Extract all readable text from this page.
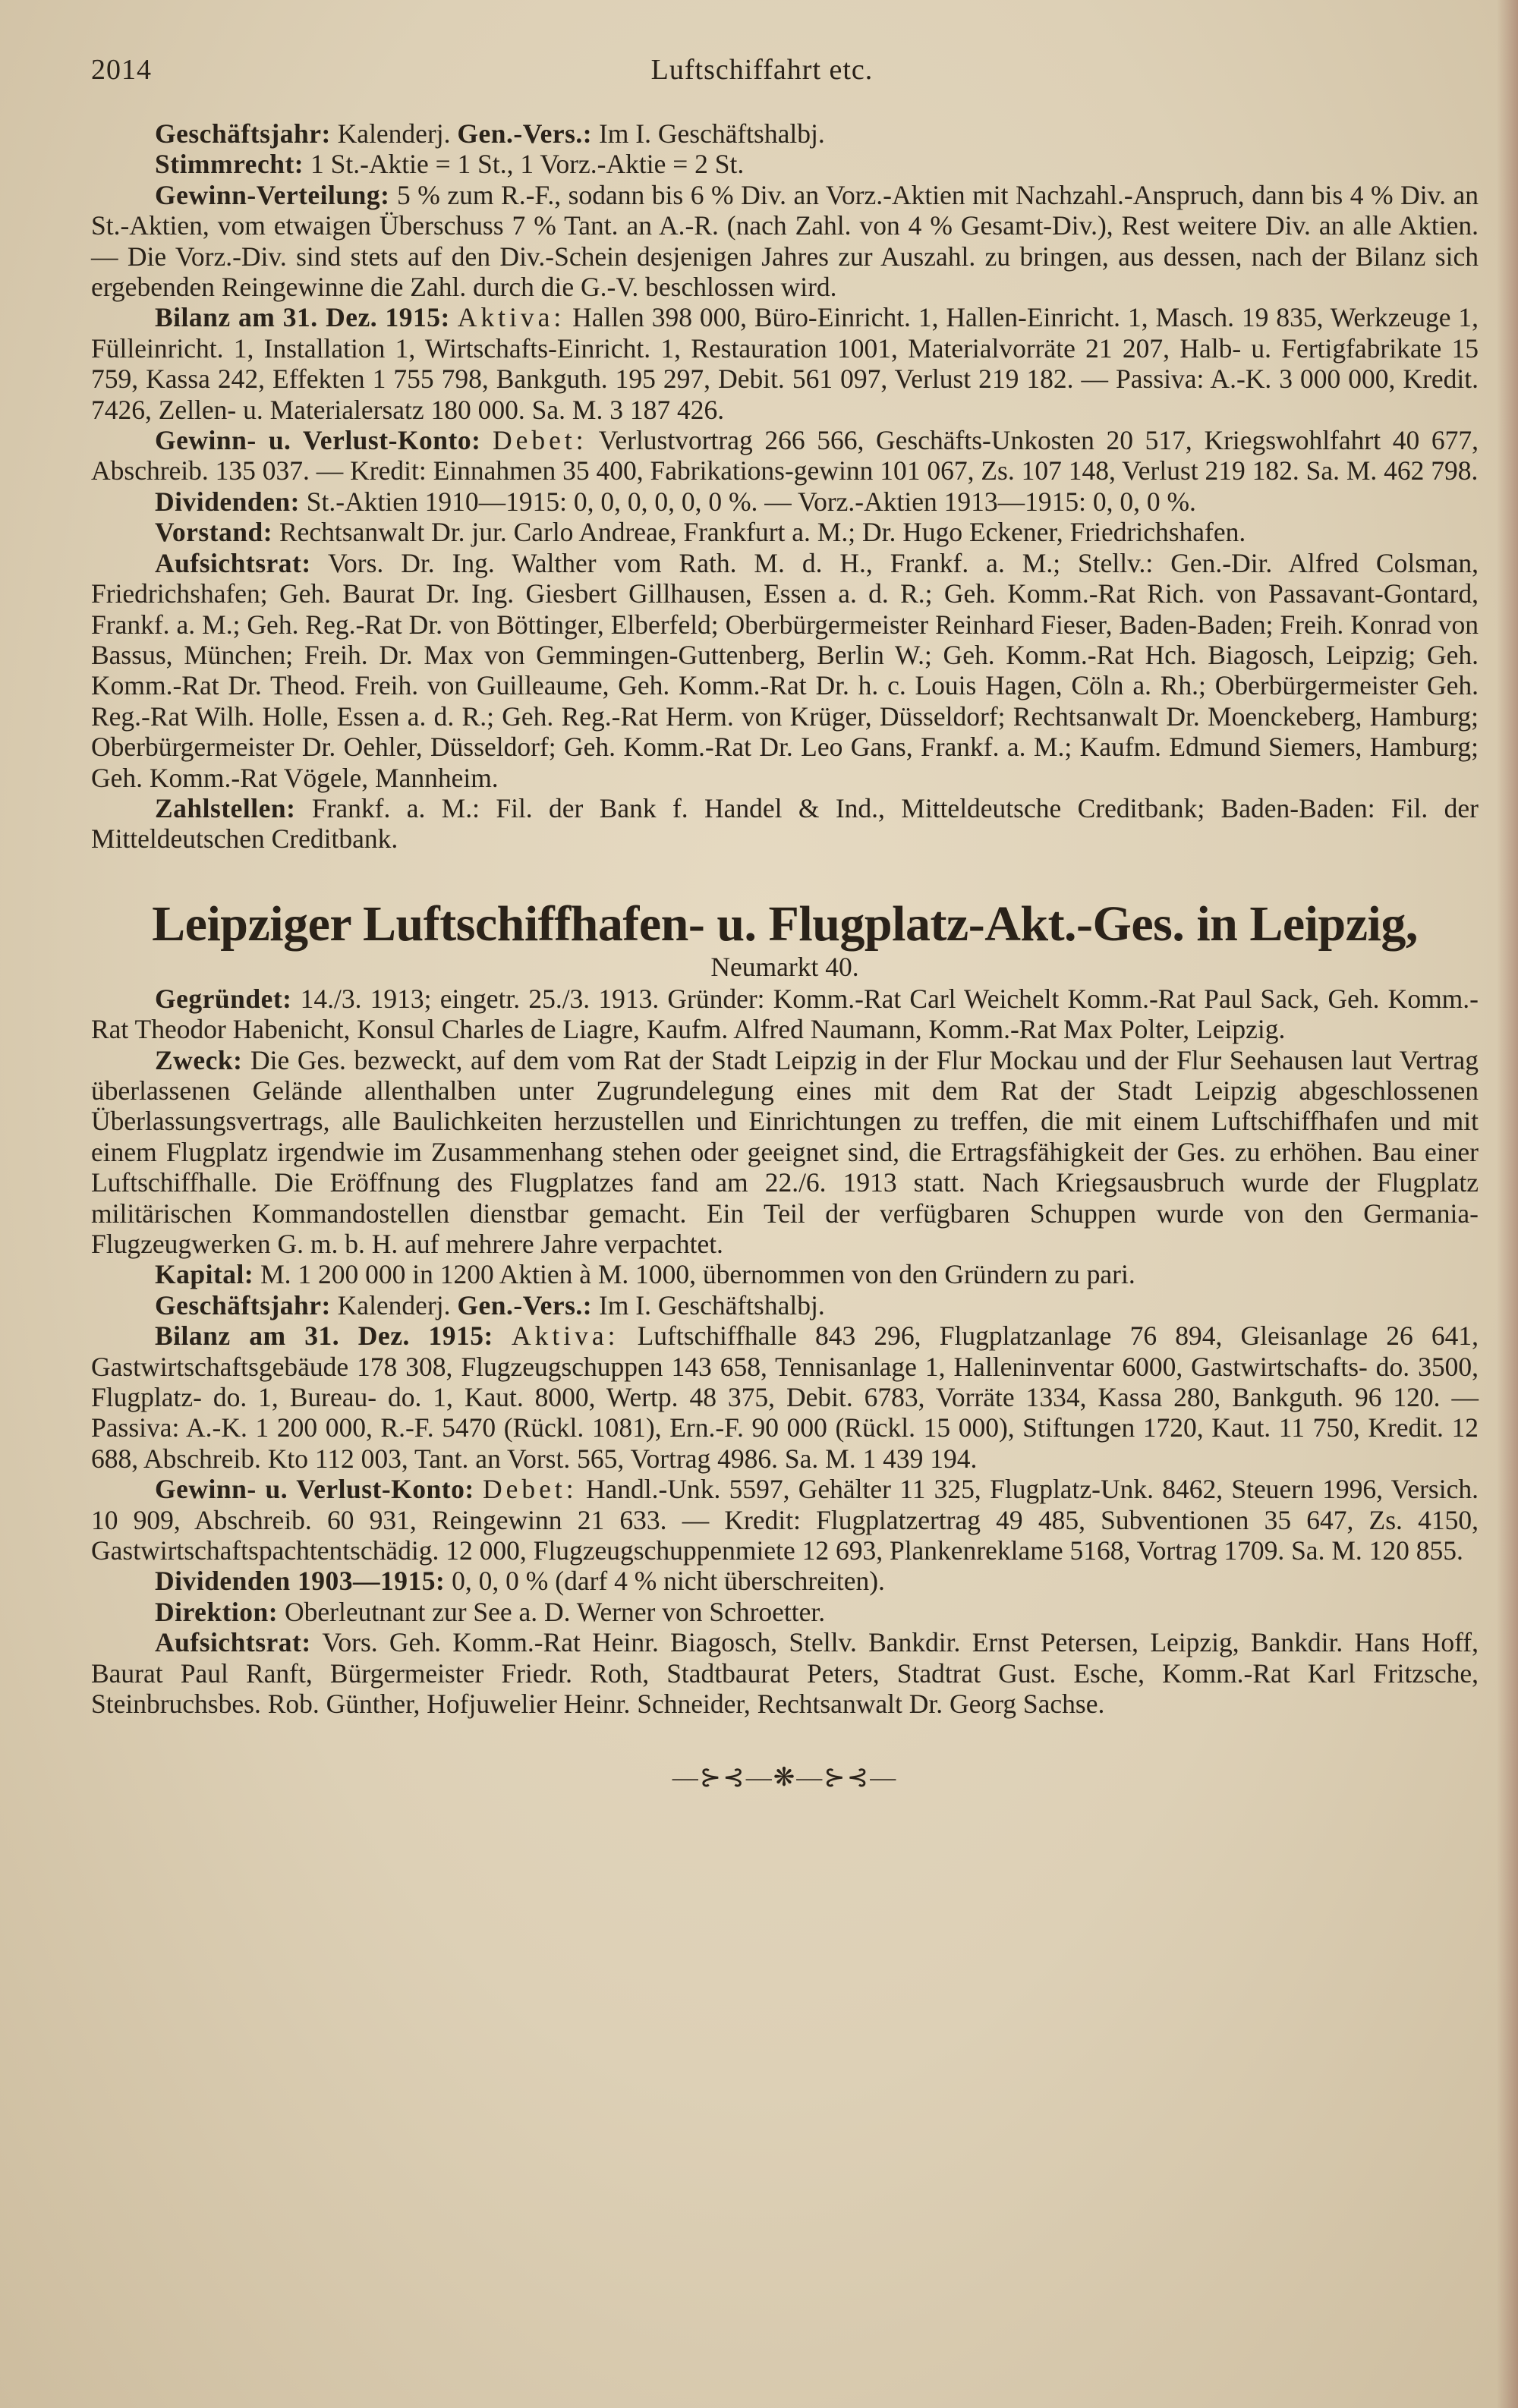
2014	Luftschiffahrt etc.

Geschäftsjahr: Kalenderj. Gen.-Vers.: Im I. Geschäftshalbj.

Stimmrecht: 1 St.-Aktie = 1 St., 1 Vorz.-Aktie = 2 St.

Gewinn-Verteilung: 5 % zum R.-F., sodann bis 6 % Div. an Vorz.-Aktien mit Nachzahl.-Anspruch, dann bis 4 % Div. an St.-Aktien, vom etwaigen Überschuss 7 % Tant. an A.-R. (nach Zahl. von 4 % Gesamt-Div.), Rest weitere Div. an alle Aktien. — Die Vorz.-Div. sind stets auf den Div.-Schein desjenigen Jahres zur Auszahl. zu bringen, aus dessen, nach der Bilanz sich ergebenden Reingewinne die Zahl. durch die G.-V. beschlossen wird.

Bilanz am 31. Dez. 1915: Aktiva: Hallen 398 000, Büro-Einricht. 1, Hallen-Einricht. 1, Masch. 19 835, Werkzeuge 1, Fülleinricht. 1, Installation 1, Wirtschafts-Einricht. 1, Restauration 1001, Materialvorräte 21 207, Halb- u. Fertigfabrikate 15 759, Kassa 242, Effekten 1 755 798, Bankguth. 195 297, Debit. 561 097, Verlust 219 182. — Passiva: A.-K. 3 000 000, Kredit. 7426, Zellen- u. Materialersatz 180 000. Sa. M. 3 187 426.

Gewinn- u. Verlust-Konto: Debet: Verlustvortrag 266 566, Geschäfts-Unkosten 20 517, Kriegswohlfahrt 40 677, Abschreib. 135 037. — Kredit: Einnahmen 35 400, Fabrikations-gewinn 101 067, Zs. 107 148, Verlust 219 182. Sa. M. 462 798.

Dividenden: St.-Aktien 1910—1915: 0, 0, 0, 0, 0, 0 %. — Vorz.-Aktien 1913—1915: 0, 0, 0 %.

Vorstand: Rechtsanwalt Dr. jur. Carlo Andreae, Frankfurt a. M.; Dr. Hugo Eckener, Friedrichshafen.

Aufsichtsrat: Vors. Dr. Ing. Walther vom Rath. M. d. H., Frankf. a. M.; Stellv.: Gen.-Dir. Alfred Colsman, Friedrichshafen; Geh. Baurat Dr. Ing. Giesbert Gillhausen, Essen a. d. R.; Geh. Komm.-Rat Rich. von Passavant-Gontard, Frankf. a. M.; Geh. Reg.-Rat Dr. von Böttinger, Elberfeld; Oberbürgermeister Reinhard Fieser, Baden-Baden; Freih. Konrad von Bassus, München; Freih. Dr. Max von Gemmingen-Guttenberg, Berlin W.; Geh. Komm.-Rat Hch. Biagosch, Leipzig; Geh. Komm.-Rat Dr. Theod. Freih. von Guilleaume, Geh. Komm.-Rat Dr. h. c. Louis Hagen, Cöln a. Rh.; Oberbürgermeister Geh. Reg.-Rat Wilh. Holle, Essen a. d. R.; Geh. Reg.-Rat Herm. von Krüger, Düsseldorf; Rechtsanwalt Dr. Moenckeberg, Hamburg; Oberbürgermeister Dr. Oehler, Düsseldorf; Geh. Komm.-Rat Dr. Leo Gans, Frankf. a. M.; Kaufm. Edmund Siemers, Hamburg; Geh. Komm.-Rat Vögele, Mannheim.

Zahlstellen: Frankf. a. M.: Fil. der Bank f. Handel & Ind., Mitteldeutsche Creditbank; Baden-Baden: Fil. der Mitteldeutschen Creditbank.

Leipziger Luftschiffhafen- u. Flugplatz-Akt.-Ges. in Leipzig,
Neumarkt 40.

Gegründet: 14./3. 1913; eingetr. 25./3. 1913. Gründer: Komm.-Rat Carl Weichelt Komm.-Rat Paul Sack, Geh. Komm.-Rat Theodor Habenicht, Konsul Charles de Liagre, Kaufm. Alfred Naumann, Komm.-Rat Max Polter, Leipzig.

Zweck: Die Ges. bezweckt, auf dem vom Rat der Stadt Leipzig in der Flur Mockau und der Flur Seehausen laut Vertrag überlassenen Gelände allenthalben unter Zugrundelegung eines mit dem Rat der Stadt Leipzig abgeschlossenen Überlassungsvertrags, alle Baulichkeiten herzustellen und Einrichtungen zu treffen, die mit einem Luftschiffhafen und mit einem Flugplatz irgendwie im Zusammenhang stehen oder geeignet sind, die Ertragsfähigkeit der Ges. zu erhöhen. Bau einer Luftschiffhalle. Die Eröffnung des Flugplatzes fand am 22./6. 1913 statt. Nach Kriegsausbruch wurde der Flugplatz militärischen Kommandostellen dienstbar gemacht. Ein Teil der verfügbaren Schuppen wurde von den Germania-Flugzeugwerken G. m. b. H. auf mehrere Jahre verpachtet.

Kapital: M. 1 200 000 in 1200 Aktien à M. 1000, übernommen von den Gründern zu pari.

Geschäftsjahr: Kalenderj. Gen.-Vers.: Im I. Geschäftshalbj.

Bilanz am 31. Dez. 1915: Aktiva: Luftschiffhalle 843 296, Flugplatzanlage 76 894, Gleisanlage 26 641, Gastwirtschaftsgebäude 178 308, Flugzeugschuppen 143 658, Tennisanlage 1, Halleninventar 6000, Gastwirtschafts- do. 3500, Flugplatz- do. 1, Bureau- do. 1, Kaut. 8000, Wertp. 48 375, Debit. 6783, Vorräte 1334, Kassa 280, Bankguth. 96 120. — Passiva: A.-K. 1 200 000, R.-F. 5470 (Rückl. 1081), Ern.-F. 90 000 (Rückl. 15 000), Stiftungen 1720, Kaut. 11 750, Kredit. 12 688, Abschreib. Kto 112 003, Tant. an Vorst. 565, Vortrag 4986. Sa. M. 1 439 194.

Gewinn- u. Verlust-Konto: Debet: Handl.-Unk. 5597, Gehälter 11 325, Flugplatz-Unk. 8462, Steuern 1996, Versich. 10 909, Abschreib. 60 931, Reingewinn 21 633. — Kredit: Flugplatzertrag 49 485, Subventionen 35 647, Zs. 4150, Gastwirtschaftspachtentschädig. 12 000, Flugzeugschuppenmiete 12 693, Plankenreklame 5168, Vortrag 1709. Sa. M. 120 855.

Dividenden 1903—1915: 0, 0, 0 % (darf 4 % nicht überschreiten).

Direktion: Oberleutnant zur See a. D. Werner von Schroetter.

Aufsichtsrat: Vors. Geh. Komm.-Rat Heinr. Biagosch, Stellv. Bankdir. Ernst Petersen, Leipzig, Bankdir. Hans Hoff, Baurat Paul Ranft, Bürgermeister Friedr. Roth, Stadtbaurat Peters, Stadtrat Gust. Esche, Komm.-Rat Karl Fritzsche, Steinbruchsbes. Rob. Günther, Hofjuwelier Heinr. Schneider, Rechtsanwalt Dr. Georg Sachse.

—⊱⊰—❋—⊱⊰—
